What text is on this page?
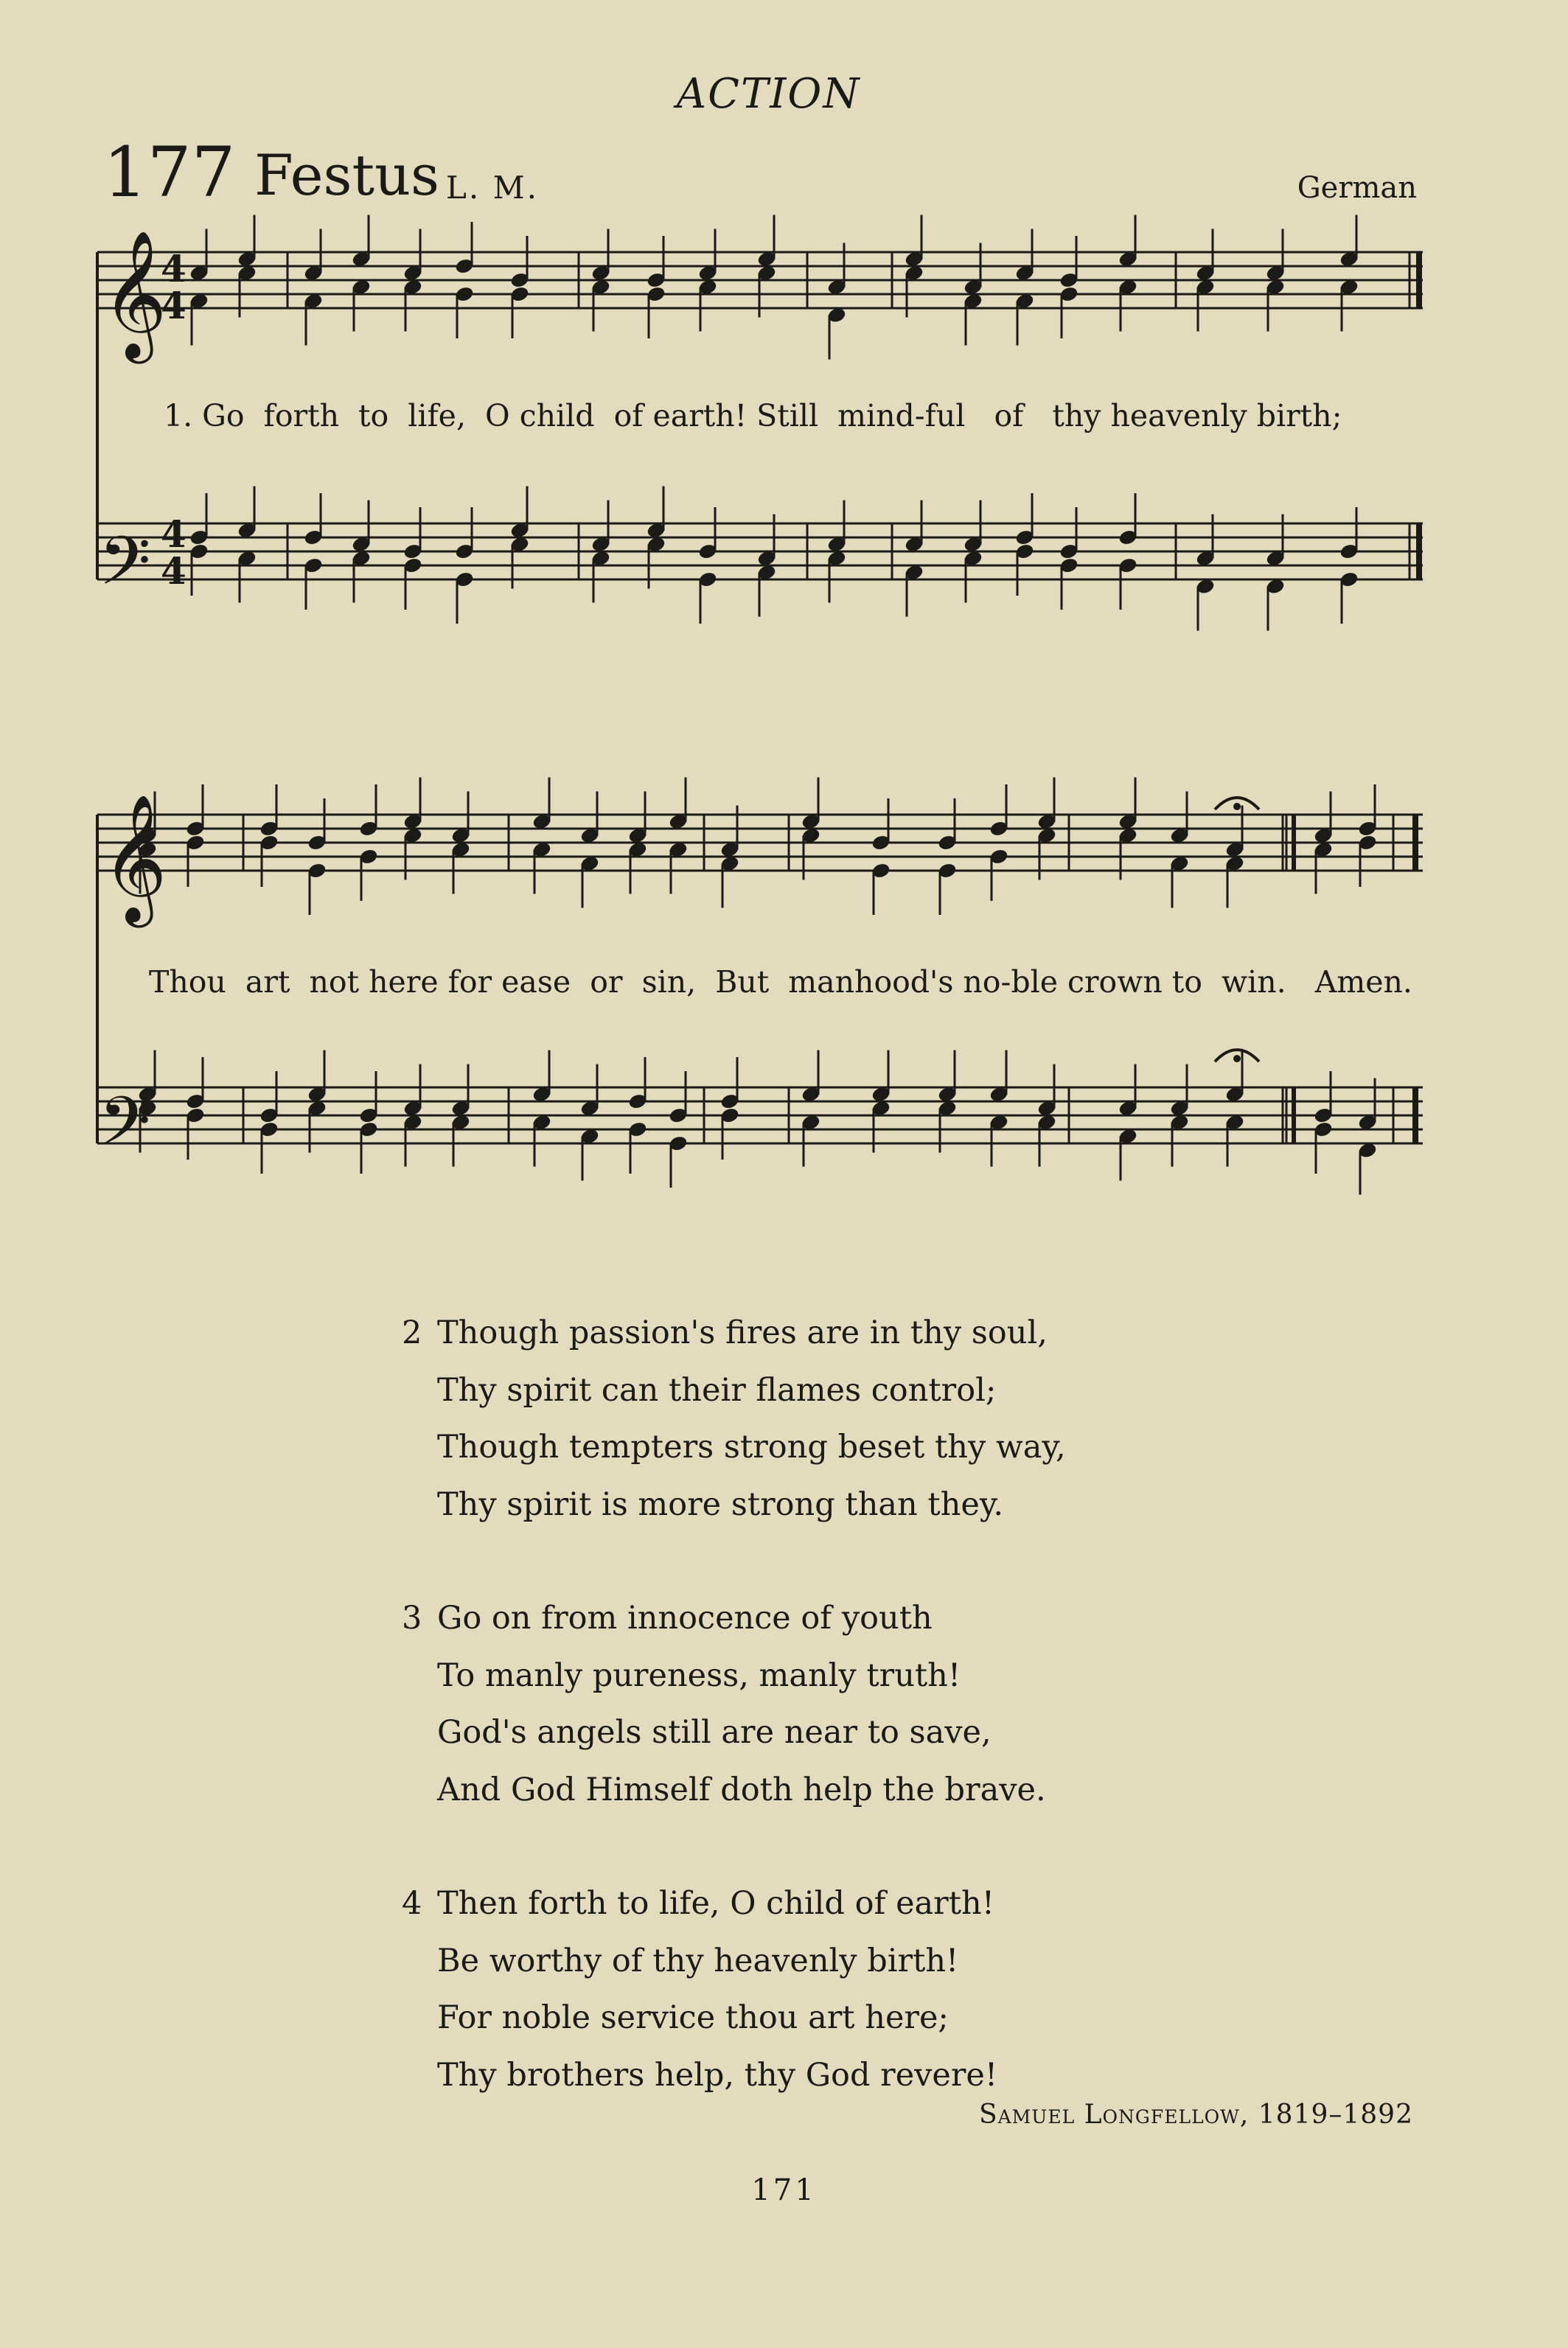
ACTION
177 Festus L. M.	German
𝄞
𝄢
𝄞
𝄢
4
4
4
4
1. Go  forth  to  life,  O child  of earth! Still  mind-ful   of   thy heavenly birth;
Thou  art  not here for ease  or  sin,  But  manhood's no-ble crown to  win.   Amen.
2 Though passion's fires are in thy soul,
Thy spirit can their flames control;
Though tempters strong beset thy way,
Thy spirit is more strong than they.
3 Go on from innocence of youth
To manly pureness, manly truth!
God's angels still are near to save,
And God Himself doth help the brave.
4 Then forth to life, O child of earth!
Be worthy of thy heavenly birth!
For noble service thou art here;
Thy brothers help, thy God revere!
Samuel Longfellow, 1819–1892
171
